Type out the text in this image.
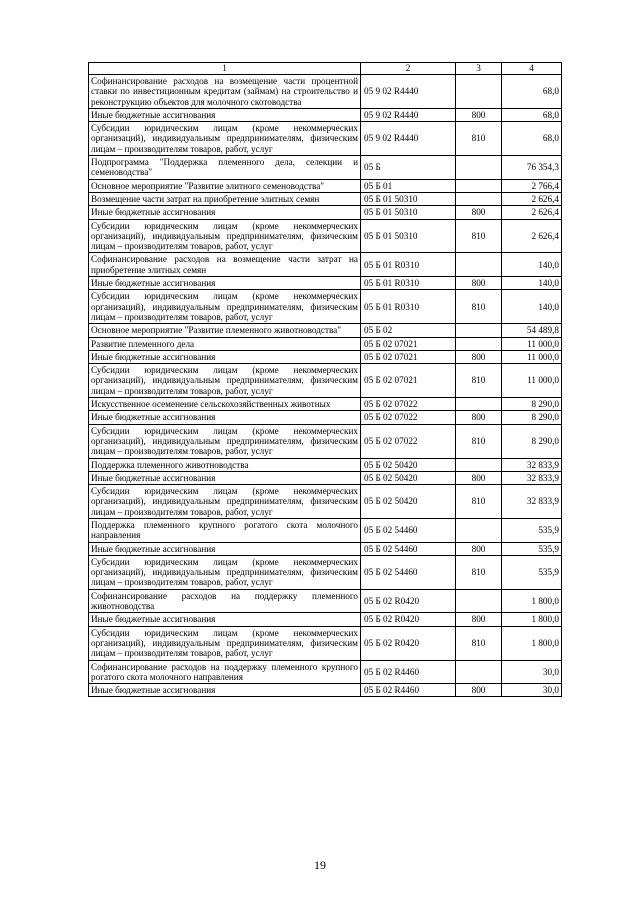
1	2	3	4
Софинансирование расходов на возмещение части процентной ставки по инвестиционным кредитам (займам) на строительство и реконструкцию объектов для молочного скотоводства	05 9 02 R4440		68,0
Иные бюджетные ассигнования	05 9 02 R4440	800	68,0
Субсидии юридическим лицам (кроме некоммерческих организаций), индивидуальным предпринимателям, физическим лицам – производителям товаров, работ, услуг	05 9 02 R4440	810	68,0
Подпрограмма "Поддержка племенного дела, селекции и семеноводства"	05 Б		76 354,3
Основное мероприятие "Развитие элитного семеноводства"	05 Б 01		2 766,4
Возмещение части затрат на приобретение элитных семян	05 Б 01 50310		2 626,4
Иные бюджетные ассигнования	05 Б 01 50310	800	2 626,4
Субсидии юридическим лицам (кроме некоммерческих организаций), индивидуальным предпринимателям, физическим лицам – производителям товаров, работ, услуг	05 Б 01 50310	810	2 626,4
Софинансирование расходов на возмещение части затрат на приобретение элитных семян	05 Б 01 R0310		140,0
Иные бюджетные ассигнования	05 Б 01 R0310	800	140,0
Субсидии юридическим лицам (кроме некоммерческих организаций), индивидуальным предпринимателям, физическим лицам – производителям товаров, работ, услуг	05 Б 01 R0310	810	140,0
Основное мероприятие "Развитие племенного животноводства"	05 Б 02		54 489,8
Развитие племенного дела	05 Б 02 07021		11 000,0
Иные бюджетные ассигнования	05 Б 02 07021	800	11 000,0
Субсидии юридическим лицам (кроме некоммерческих организаций), индивидуальным предпринимателям, физическим лицам – производителям товаров, работ, услуг	05 Б 02 07021	810	11 000,0
Искусственное осеменение сельскохозяйственных животных	05 Б 02 07022		8 290,0
Иные бюджетные ассигнования	05 Б 02 07022	800	8 290,0
Субсидии юридическим лицам (кроме некоммерческих организаций), индивидуальным предпринимателям, физическим лицам – производителям товаров, работ, услуг	05 Б 02 07022	810	8 290,0
Поддержка племенного животноводства	05 Б 02 50420		32 833,9
Иные бюджетные ассигнования	05 Б 02 50420	800	32 833,9
Субсидии юридическим лицам (кроме некоммерческих организаций), индивидуальным предпринимателям, физическим лицам – производителям товаров, работ, услуг	05 Б 02 50420	810	32 833,9
Поддержка племенного крупного рогатого скота молочного направления	05 Б 02 54460		535,9
Иные бюджетные ассигнования	05 Б 02 54460	800	535,9
Субсидии юридическим лицам (кроме некоммерческих организаций), индивидуальным предпринимателям, физическим лицам – производителям товаров, работ, услуг	05 Б 02 54460	810	535,9
Софинансирование расходов на поддержку племенного животноводства	05 Б 02 R0420		1 800,0
Иные бюджетные ассигнования	05 Б 02 R0420	800	1 800,0
Субсидии юридическим лицам (кроме некоммерческих организаций), индивидуальным предпринимателям, физическим лицам – производителям товаров, работ, услуг	05 Б 02 R0420	810	1 800,0
Софинансирование расходов на поддержку племенного крупного рогатого скота молочного направления	05 Б 02 R4460		30,0
Иные бюджетные ассигнования	05 Б 02 R4460	800	30,0
19
